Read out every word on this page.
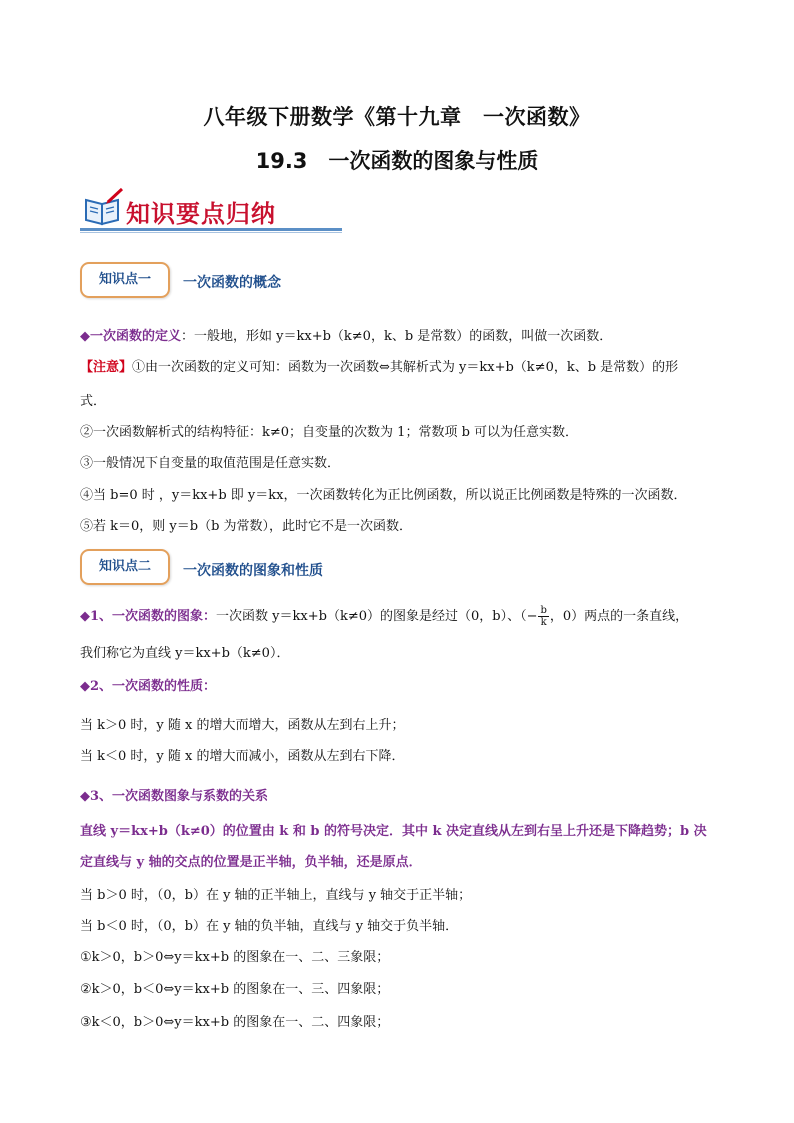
八年级下册数学《第十九章　一次函数》
19.3　一次函数的图象与性质
知识要点归纳
知识点一	一次函数的概念
◆一次函数的定义：一般地，形如 y＝kx+b（k≠0，k、b 是常数）的函数，叫做一次函数．
【注意】①由一次函数的定义可知：函数为一次函数⇔其解析式为 y＝kx+b（k≠0，k、b 是常数）的形
式．
②一次函数解析式的结构特征：k≠0；自变量的次数为 1；常数项 b 可以为任意实数．
③一般情况下自变量的取值范围是任意实数．
④当 b=0 时 ，y＝kx+b 即 y＝kx，一次函数转化为正比例函数，所以说正比例函数是特殊的一次函数．
⑤若 k＝0，则 y＝b（b 为常数），此时它不是一次函数．
知识点二	一次函数的图象和性质
◆1、一次函数的图象：一次函数 y＝kx+b（k≠0）的图象是经过（0，b）、（− $\frac{b}{k}$ ，0）两点的一条直线，
我们称它为直线 y＝kx+b（k≠0）．
◆2、一次函数的性质：
当 k＞0 时，y 随 x 的增大而增大，函数从左到右上升；
当 k＜0 时，y 随 x 的增大而减小，函数从左到右下降．
◆3、一次函数图象与系数的关系
直线 y＝kx+b（k≠0）的位置由 k 和 b 的符号决定．其中 k 决定直线从左到右呈上升还是下降趋势；b 决
定直线与 y 轴的交点的位置是正半轴，负半轴，还是原点．
当 b＞0 时，（0，b）在 y 轴的正半轴上，直线与 y 轴交于正半轴；
当 b＜0 时，（0，b）在 y 轴的负半轴，直线与 y 轴交于负半轴．
①k＞0，b＞0⇔y＝kx+b 的图象在一、二、三象限；
②k＞0，b＜0⇔y＝kx+b 的图象在一、三、四象限；
③k＜0，b＞0⇔y＝kx+b 的图象在一、二、四象限；
